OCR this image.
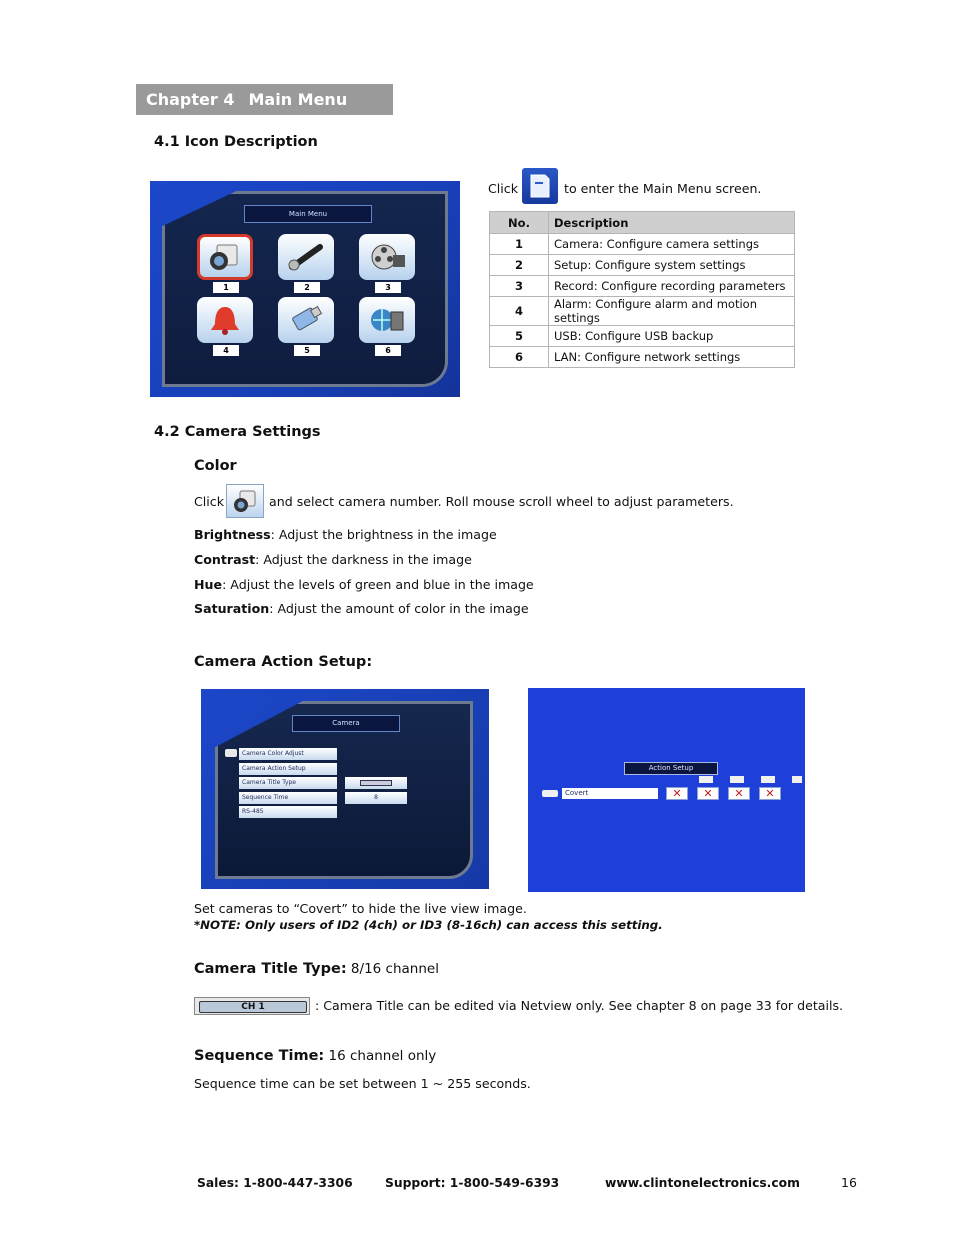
Chapter 4 Main Menu
4.1 Icon Description
Main Menu
1	2	3
4	5	6
Click	to enter the Main Menu screen.
No.	Description
1	Camera: Configure camera settings
2	Setup: Configure system settings
3	Record: Configure recording parameters
4	Alarm: Configure alarm and motion settings
5	USB: Configure USB backup
6	LAN: Configure network settings
4.2 Camera Settings
Color
Click	and select camera number. Roll mouse scroll wheel to adjust parameters.
Brightness: Adjust the brightness in the image
Contrast: Adjust the darkness in the image
Hue: Adjust the levels of green and blue in the image
Saturation: Adjust the amount of color in the image
Camera Action Setup:
Camera
Camera Color Adjust
Camera Action Setup
Camera Title Type
Sequence Time
RS-485
8
Action Setup
Covert	✕	✕	✕	✕
Set cameras to “Covert” to hide the live view image.
*NOTE: Only users of ID2 (4ch) or ID3 (8-16ch) can access this setting.
Camera Title Type: 8/16 channel
CH 1	: Camera Title can be edited via Netview only. See chapter 8 on page 33 for details.
Sequence Time: 16 channel only
Sequence time can be set between 1 ~ 255 seconds.
Sales: 1-800-447-3306	Support: 1-800-549-6393	www.clintonelectronics.com	16
